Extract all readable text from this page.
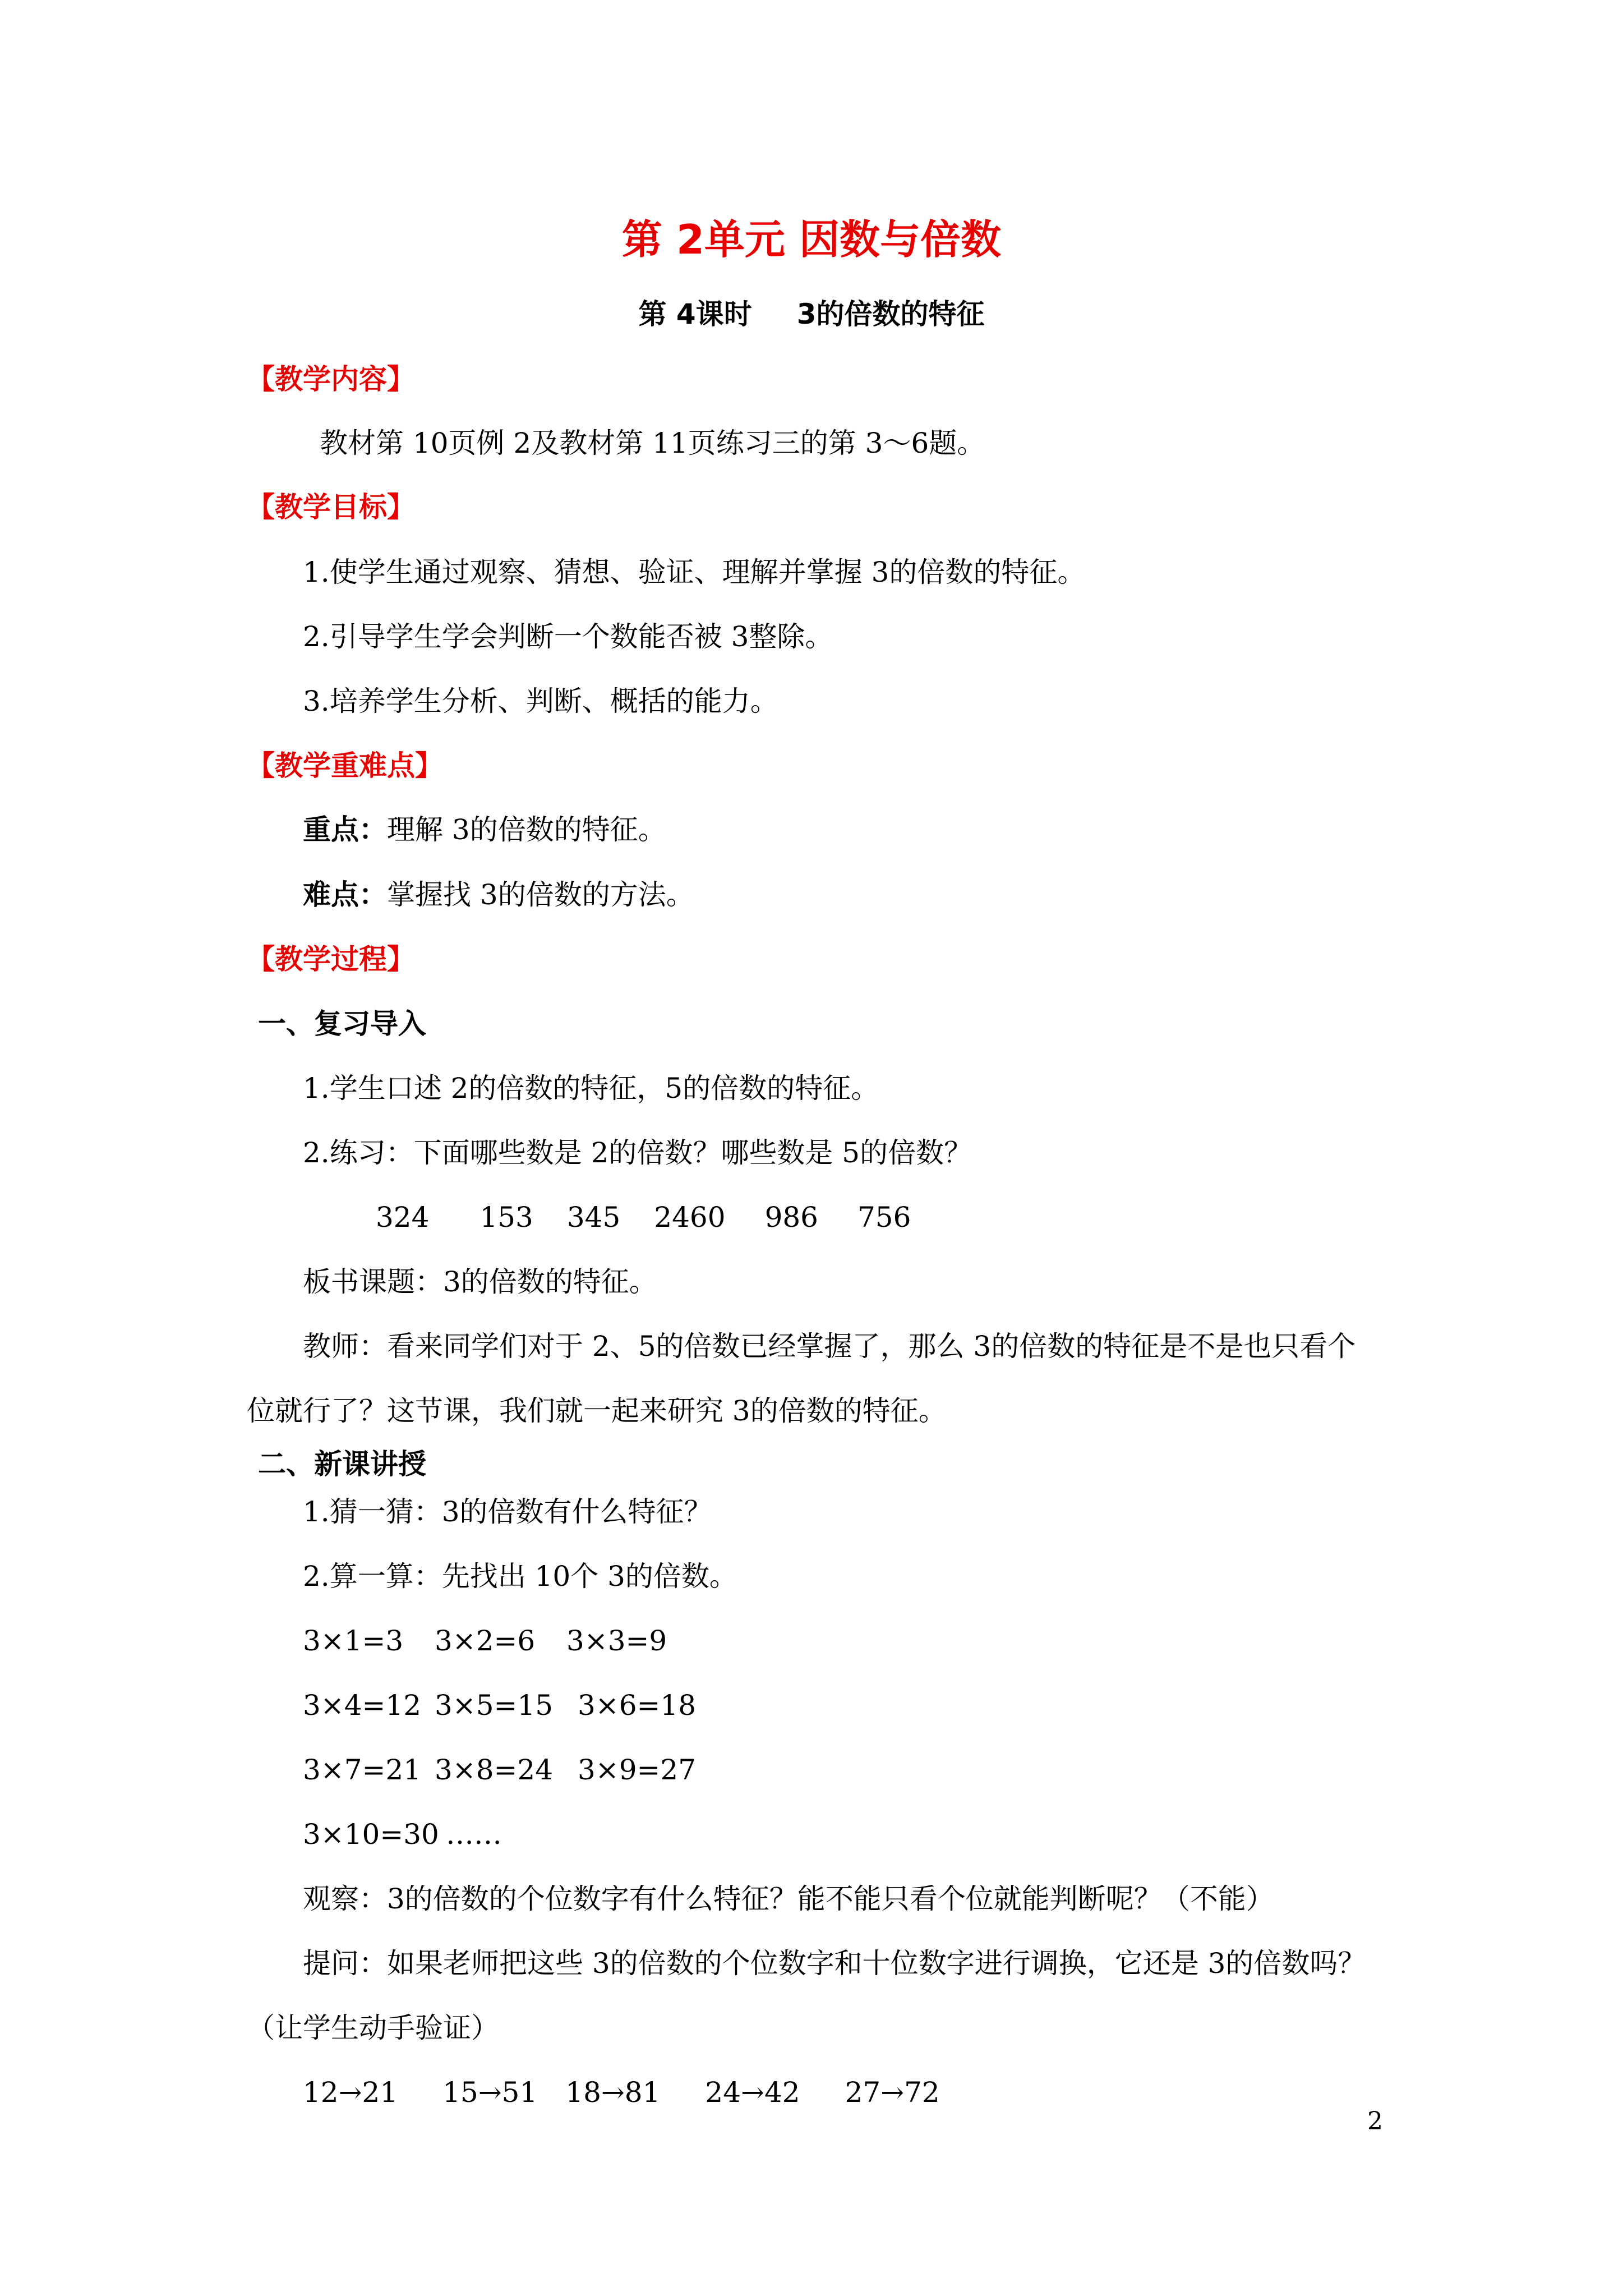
第 2单元 因数与倍数
第 4课时 3的倍数的特征
【教学内容】
教材第 10页例 2及教材第 11页练习三的第 3～6题。
【教学目标】
1.使学生通过观察、猜想、验证、理解并掌握 3的倍数的特征。
2.引导学生学会判断一个数能否被 3整除。
3.培养学生分析、判断、概括的能力。
【教学重难点】
重点：理解 3的倍数的特征。
难点：掌握找 3的倍数的方法。
【教学过程】
一、复习导入
1.学生口述 2的倍数的特征，5的倍数的特征。
2.练习：下面哪些数是 2的倍数？哪些数是 5的倍数？
324 153 345 2460 986 756
板书课题：3的倍数的特征。
教师：看来同学们对于 2、5的倍数已经掌握了，那么 3的倍数的特征是不是也只看个
位就行了？这节课，我们就一起来研究 3的倍数的特征。
二、新课讲授
1.猜一猜：3的倍数有什么特征？
2.算一算：先找出 10个 3的倍数。
3×1=3 3×2=6 3×3=9
3×4=12 3×5=15 3×6=18
3×7=21 3×8=24 3×9=27
3×10=30 ……
观察：3的倍数的个位数字有什么特征？能不能只看个位就能判断呢？（不能）
提问：如果老师把这些 3的倍数的个位数字和十位数字进行调换，它还是 3的倍数吗？
（让学生动手验证）
12→21 15→51 18→81 24→42 27→72
2
